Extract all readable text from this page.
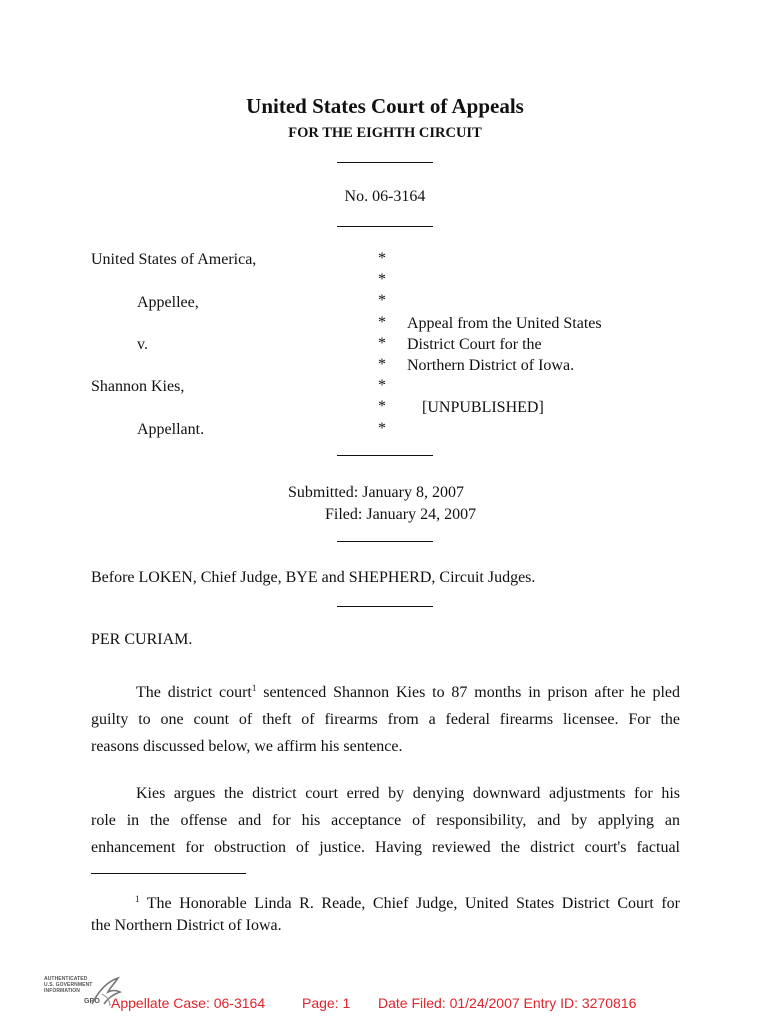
United States Court of Appeals
FOR THE EIGHTH CIRCUIT
No. 06-3164
United States of America,
Appellee,
v.
Shannon Kies,
Appellant.
*
*
*
*
*
*
*
*
*
Appeal from the United States
District Court for the
Northern District of Iowa.
[UNPUBLISHED]
Submitted: January 8, 2007
Filed: January 24, 2007
Before LOKEN, Chief Judge, BYE and SHEPHERD, Circuit Judges.
PER CURIAM.
The district court$^1$ sentenced Shannon Kies to 87 months in prison after he pled
guilty to one count of theft of firearms from a federal firearms licensee. For the
reasons discussed below, we affirm his sentence.
Kies argues the district court erred by denying downward adjustments for his
role in the offense and for his acceptance of responsibility, and by applying an
enhancement for obstruction of justice. Having reviewed the district court's factual
$^1$ The Honorable Linda R. Reade, Chief Judge, United States District Court for
the Northern District of Iowa.
AUTHENTICATED
U.S. GOVERNMENT
INFORMATION
GPO Appellate Case: 06-3164	Page: 1 Date Filed: 01/24/2007 Entry ID: 3270816
